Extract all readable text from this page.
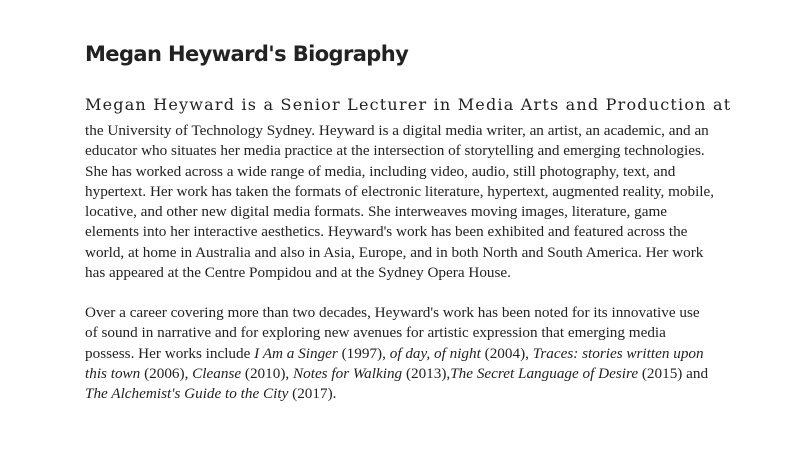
Megan Heyward's Biography

Megan Heyward is a Senior Lecturer in Media Arts and Production at

the University of Technology Sydney. Heyward is a digital media writer, an artist, an academic, and an educator who situates her media practice at the intersection of storytelling and emerging technologies. She has worked across a wide range of media, including video, audio, still photography, text, and hypertext. Her work has taken the formats of electronic literature, hypertext, augmented reality, mobile, locative, and other new digital media formats. She interweaves moving images, literature, game elements into her interactive aesthetics. Heyward's work has been exhibited and featured across the world, at home in Australia and also in Asia, Europe, and in both North and South America. Her work has appeared at the Centre Pompidou and at the Sydney Opera House.

Over a career covering more than two decades, Heyward's work has been noted for its innovative use of sound in narrative and for exploring new avenues for artistic expression that emerging media possess. Her works include I Am a Singer (1997), of day, of night (2004), Traces: stories written upon this town (2006), Cleanse (2010), Notes for Walking (2013),The Secret Language of Desire (2015) and The Alchemist's Guide to the City (2017).
